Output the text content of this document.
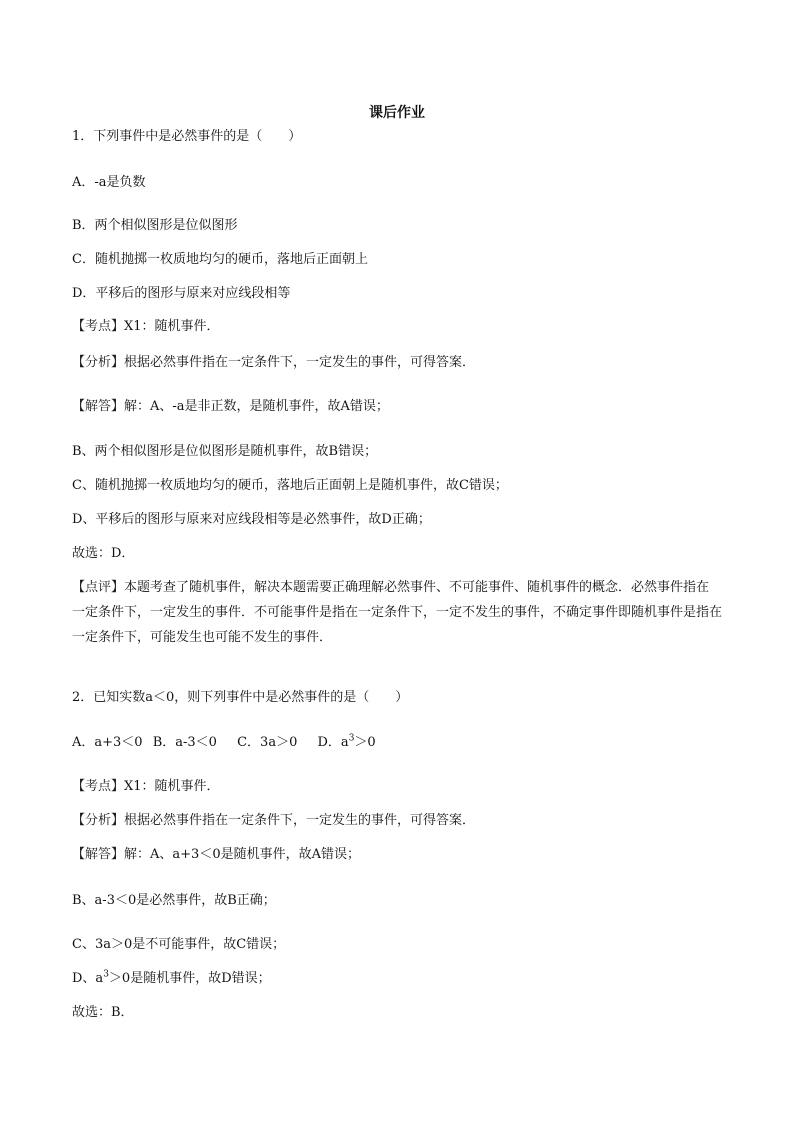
课后作业
1．下列事件中是必然事件的是（　　）
A．-a是负数
B．两个相似图形是位似图形
C．随机抛掷一枚质地均匀的硬币，落地后正面朝上
D．平移后的图形与原来对应线段相等
【考点】X1：随机事件．
【分析】根据必然事件指在一定条件下，一定发生的事件，可得答案．
【解答】解：A、-a是非正数，是随机事件，故A错误；
B、两个相似图形是位似图形是随机事件，故B错误；
C、随机抛掷一枚质地均匀的硬币，落地后正面朝上是随机事件，故C错误；
D、平移后的图形与原来对应线段相等是必然事件，故D正确；
故选：D．
【点评】本题考查了随机事件，解决本题需要正确理解必然事件、不可能事件、随机事件的概念．必然事件指在一定条件下，一定发生的事件．不可能事件是指在一定条件下，一定不发生的事件，不确定事件即随机事件是指在一定条件下，可能发生也可能不发生的事件．
2．已知实数a＜0，则下列事件中是必然事件的是（　　）
A．a+3＜0 B．a-3＜0 C．3a＞0 D．$a^3>0$
【考点】X1：随机事件．
【分析】根据必然事件指在一定条件下，一定发生的事件，可得答案．
【解答】解：A、a+3＜0是随机事件，故A错误；
B、a-3＜0是必然事件，故B正确；
C、3a＞0是不可能事件，故C错误；
D、$a^3>0$是随机事件，故D错误；
故选：B．
